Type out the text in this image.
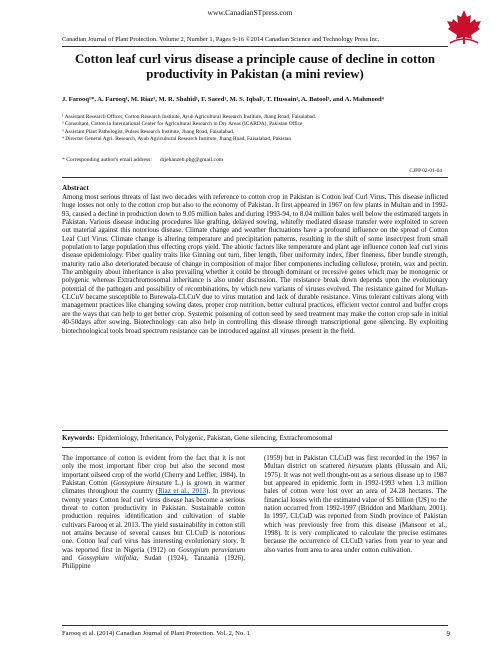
www.CanadianSTpress.com
Canadian Journal of Plant Protection. Volume 2, Number 1, Pages 9-16 ©2014 Canadian Science and Technology Press Inc.
Cotton leaf curl virus disease a principle cause of decline in cotton productivity in Pakistan (a mini review)
J. Farooq¹*, A. Farooq¹, M. Riaz¹, M. R. Shahid¹, F. Saeed¹, M. S. Iqbal¹, T. Hussain², A. Batool³, and A. Mahmood⁴
¹ Assistant Research Officer, Cotton Research Institute, Ayub Agricultural Research Institute, Jhang Road, Faisalabad.
² Consultant, Cotton in International Center for Agricultural Research in Dry Areas (ICARDA), Pakistan Office
³ Assistant Plant Pathologist, Pulses Research Institute, Jhang Road, Faisalabad.
⁴ Director General Agri. Research, Ayub Agricultural Research Institute, Jhang Road, Faisalabad, Pakistan
* Corresponding author's email address: drjehanzeb.pbg@gmail.com
CJPP 02-01-04
Abstract

Among most serious threats of last two decades with reference to cotton crop in Pakistan is Cotton leaf Curl Virus. This disease inflicted huge losses not only to the cotton crop but also to the economy of Pakistan. It first appeared in 1967 on few plants in Multan and in 1992-93, caused a decline in production down to 9.05 million bales and during 1993-94, to 8.04 million bales well below the estimated targets in Pakistan. Various disease inducing procedures like grafting, delayed sowing, whitefly mediated disease transfer were exploited to screen out material against this notorious disease. Climate change and weather fluctuations have a profound influence on the spread of Cotton Leaf Curl Virus. Climate change is altering temperature and precipitation patterns, resulting in the shift of some insect/pest from small population to large population thus effecting crops yield. The abiotic factors like temperature and plant age influence cotton leaf curl virus disease epidemiology. Fiber quality traits like Ginning out turn, fiber length, fiber uniformity index, fiber fineness, fiber bundle strength, maturity ratio also deteriorated because of change in composition of major fiber components including cellulose, protein, wax and pectin. The ambiguity about inheritance is also prevailing whether it could be through dominant or recessive genes which may be monogenic or polygenic whereas Extrachromosomal inheritance is also under discussion. The resistance break down depends upon the evolutionary potential of the pathogen and possibility of recombinations, by which new variants of viruses evolved. The resistance gained for Multan-CLCuV became susceptible to Burewala-CLCuV due to virus mutation and lack of durable resistance. Virus tolerant cultivars along with management practices like changing sowing dates, proper crop nutrition, better cultural practices, efficient vector control and buffer crops are the ways that can help to get better crop. Systemic poisoning of cotton seed by seed treatment may make the cotton crop safe in initial 40-50days after sowing. Biotechnology can also help in controlling this disease through transcriptional gene silencing. By exploiting biotechnological tools broad spectrum resistance can be introduced against all viruses present in the field.

Keywords: Epidemiology, Inheritance, Polygenic, Pakistan, Gene silencing, Extrachromosomal

The importance of cotton is evident from the fact that it is not only the most important fiber crop but also the second most important oilseed crop of the world (Cherry and Leffler, 1984). In Pakistan Cotton (Gossypium hirsutum L.) is grown in warmer climates throughout the country (Riaz et al., 2013). In previous twenty years Cotton leaf curl virus disease has become a serious threat to cotton productivity in Pakistan. Sustainable cotton production requires identification and cultivation of stable cultivars Farooq et al. 2013. The yield sustainability in cotton still not attains because of several causes but CLCuD is notorious one. Cotton leaf curl virus has interesting evolutionary story. It was reported first in Nigeria (1912) on Gossypium peruvianum and Gossypium vitifolia, Sudan (1924), Tanzania (1926), Philippine

(1959) but in Pakistan CLCuD was first recorded in the 1967 in Multan district on scattered hirsutum plants (Hussain and Ali, 1975). It was not well thought-out as a serious disease up to 1987 but appeared in epidemic form in 1992-1993 when 1.3 million bales of cotton were lost over an area of 24.28 hectares. The financial losses with the estimated value of $5 billion (US) to the nation occurred from 1992-1997 (Briddon and Markham, 2001). In 1997, CLCuD was reported from Sindh province of Pakistan which was previously free from this disease (Mansoor et al., 1998). It is very complicated to calculate the precise estimates because the occurrence of CLCuD varies from year to year and also varies from area to area under cotton cultivation.

Farooq et al. (2014) Canadian Journal of Plant Protection. Vol. 2, No. 1	9
